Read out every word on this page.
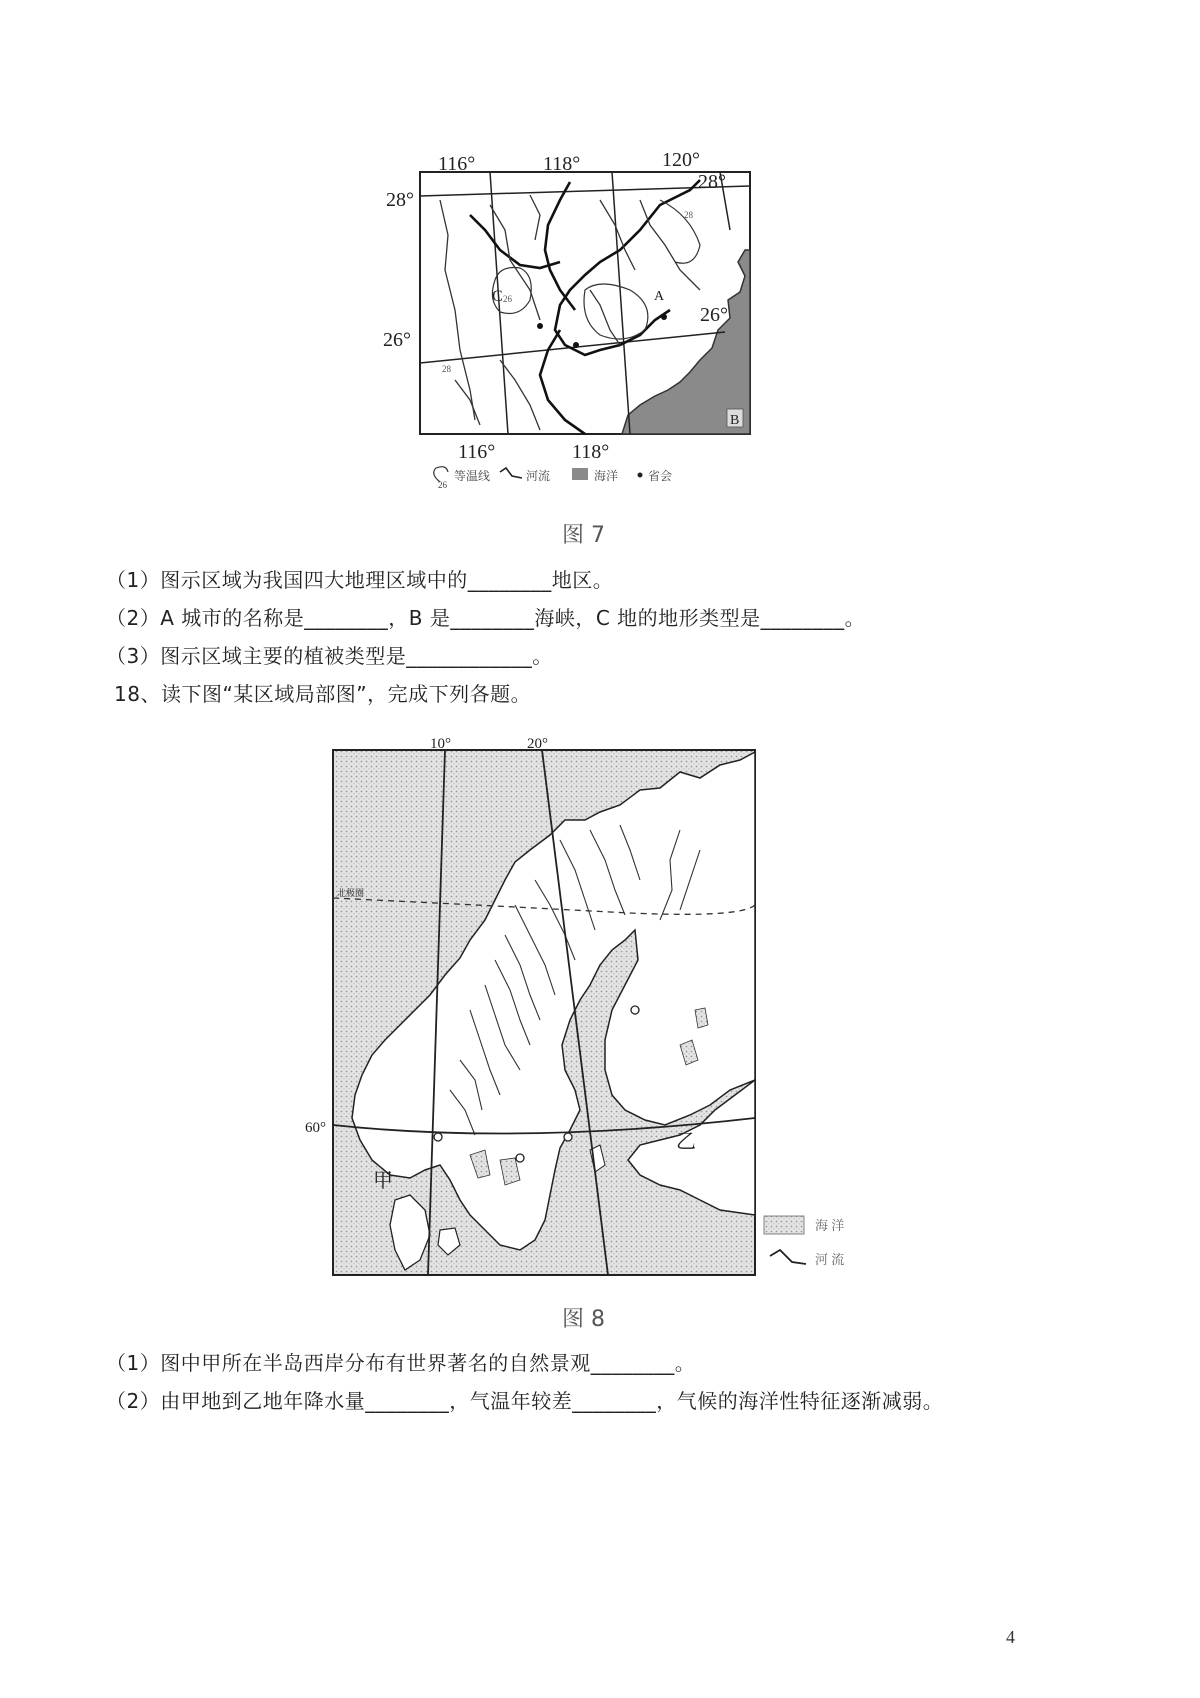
116°	118°	120°
28°
28°
26°
26°
116°	118°
A
B
C
28
26
28
26
等温线	河流	海洋 省会
图 7
（1）图示区域为我国四大地理区域中的________地区。
（2）A 城市的名称是________，B 是________海峡，C 地的地形类型是________。
（3）图示区域主要的植被类型是____________。
18、读下图“某区域局部图”，完成下列各题。
10°	20°
60°
北极圈
甲
乙
海 洋
河 流
图 8
（1）图中甲所在半岛西岸分布有世界著名的自然景观________。
（2）由甲地到乙地年降水量________，气温年较差________，气候的海洋性特征逐渐减弱。
4
